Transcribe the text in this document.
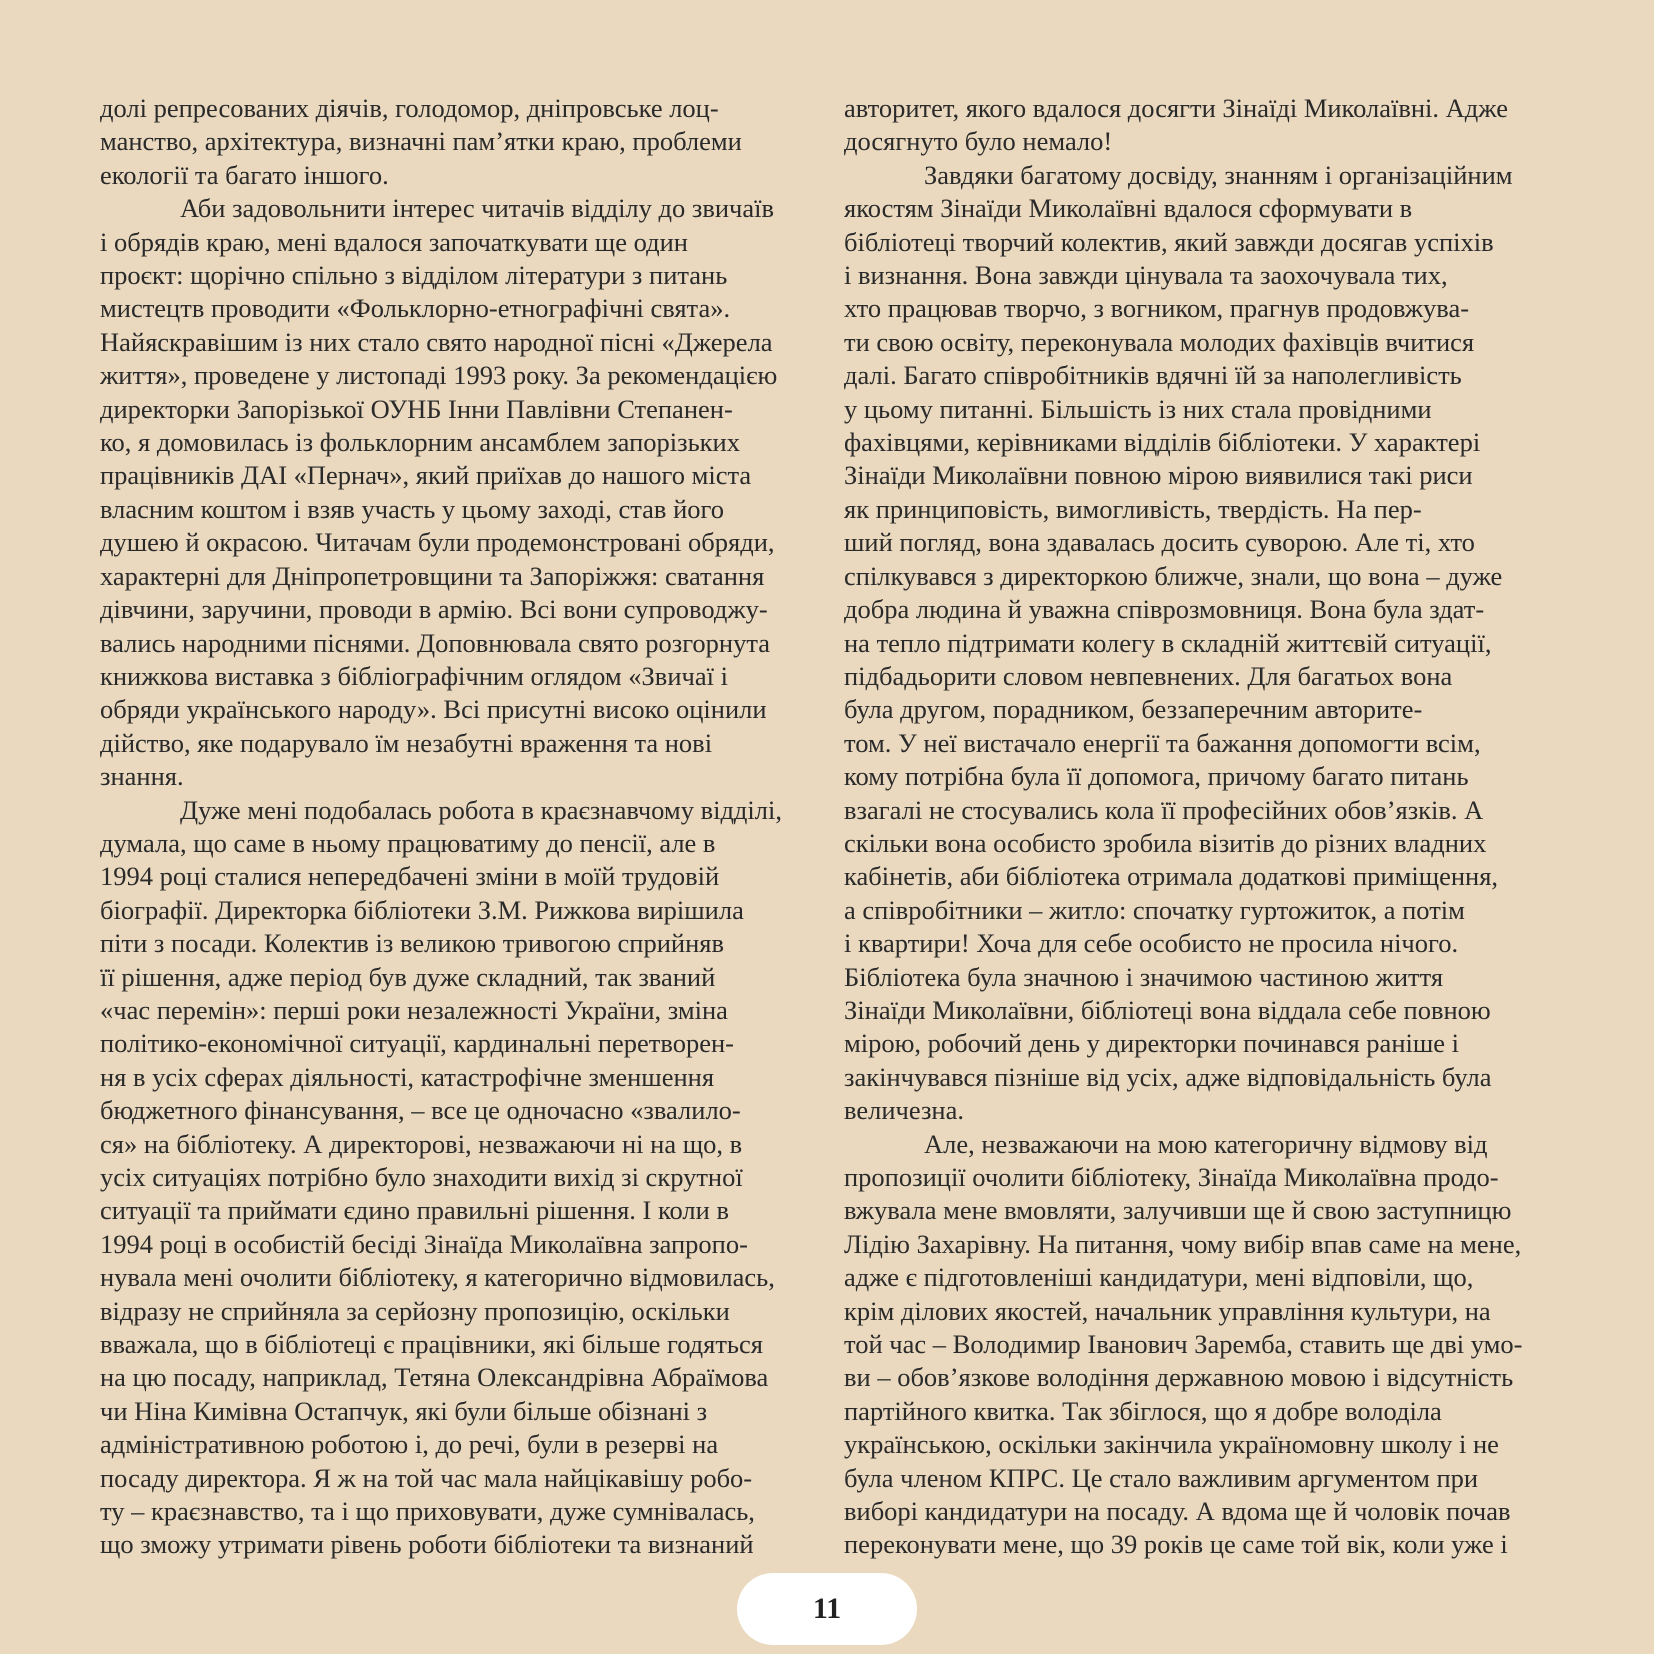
долі репресованих діячів, голодомор, дніпровське лоц-
манство, архітектура, визначні пам’ятки краю, проблеми
екології та багато іншого.
Аби задовольнити інтерес читачів відділу до звичаїв
і обрядів краю, мені вдалося започаткувати ще один
проєкт: щорічно спільно з відділом літератури з питань
мистецтв проводити «Фольклорно-етнографічні свята».
Найяскравішим із них стало свято народної пісні «Джерела
життя», проведене у листопаді 1993 року. За рекомендацією
директорки Запорізької ОУНБ Інни Павлівни Степанен-
ко, я домовилась із фольклорним ансамблем запорізьких
працівників ДАІ «Пернач», який приїхав до нашого міста
власним коштом і взяв участь у цьому заході, став його
душею й окрасою. Читачам були продемонстровані обряди,
характерні для Дніпропетровщини та Запоріжжя: сватання
дівчини, заручини, проводи в армію. Всі вони супроводжу-
вались народними піснями. Доповнювала свято розгорнута
книжкова виставка з бібліографічним оглядом «Звичаї і
обряди українського народу». Всі присутні високо оцінили
дійство, яке подарувало їм незабутні враження та нові
знання.
Дуже мені подобалась робота в краєзнавчому відділі,
думала, що саме в ньому працюватиму до пенсії, але в
1994 році сталися непередбачені зміни в моїй трудовій
біографії. Директорка бібліотеки З.М. Рижкова вирішила
піти з посади. Колектив із великою тривогою сприйняв
її рішення, адже період був дуже складний, так званий
«час перемін»: перші роки незалежності України, зміна
політико-економічної ситуації, кардинальні перетворен-
ня в усіх сферах діяльності, катастрофічне зменшення
бюджетного фінансування, – все це одночасно «звалило-
ся» на бібліотеку. А директорові, незважаючи ні на що, в
усіх ситуаціях потрібно було знаходити вихід зі скрутної
ситуації та приймати єдино правильні рішення. І коли в
1994 році в особистій бесіді Зінаїда Миколаївна запропо-
нувала мені очолити бібліотеку, я категорично відмовилась,
відразу не сприйняла за серйозну пропозицію, оскільки
вважала, що в бібліотеці є працівники, які більше годяться
на цю посаду, наприклад, Тетяна Олександрівна Абраїмова
чи Ніна Кимівна Остапчук, які були більше обізнані з
адміністративною роботою і, до речі, були в резерві на
посаду директора. Я ж на той час мала найцікавішу робо-
ту – краєзнавство, та і що приховувати, дуже сумнівалась,
що зможу утримати рівень роботи бібліотеки та визнаний
авторитет, якого вдалося досягти Зінаїді Миколаївні. Адже
досягнуто було немало!
Завдяки багатому досвіду, знанням і організаційним
якостям Зінаїди Миколаївні вдалося сформувати в
бібліотеці творчий колектив, який завжди досягав успіхів
і визнання. Вона завжди цінувала та заохочувала тих,
хто працював творчо, з вогником, прагнув продовжува-
ти свою освіту, переконувала молодих фахівців вчитися
далі. Багато співробітників вдячні їй за наполегливість
у цьому питанні. Більшість із них стала провідними
фахівцями, керівниками відділів бібліотеки. У характері
Зінаїди Миколаївни повною мірою виявилися такі риси
як принциповість, вимогливість, твердість. На пер-
ший погляд, вона здавалась досить суворою. Але ті, хто
спілкувався з директоркою ближче, знали, що вона – дуже
добра людина й уважна співрозмовниця. Вона була здат-
на тепло підтримати колегу в складній життєвій ситуації,
підбадьорити словом невпевнених. Для багатьох вона
була другом, порадником, беззаперечним авторите-
том. У неї вистачало енергії та бажання допомогти всім,
кому потрібна була її допомога, причому багато питань
взагалі не стосувались кола її професійних обов’язків. А
скільки вона особисто зробила візитів до різних владних
кабінетів, аби бібліотека отримала додаткові приміщення,
а співробітники – житло: спочатку гуртожиток, а потім
і квартири! Хоча для себе особисто не просила нічого.
Бібліотека була значною і значимою частиною життя
Зінаїди Миколаївни, бібліотеці вона віддала себе повною
мірою, робочий день у директорки починався раніше і
закінчувався пізніше від усіх, адже відповідальність була
величезна.
Але, незважаючи на мою категоричну відмову від
пропозиції очолити бібліотеку, Зінаїда Миколаївна продо-
вжувала мене вмовляти, залучивши ще й свою заступницю
Лідію Захарівну. На питання, чому вибір впав саме на мене,
адже є підготовленіші кандидатури, мені відповіли, що,
крім ділових якостей, начальник управління культури, на
той час – Володимир Іванович Заремба, ставить ще дві умо-
ви – обов’язкове володіння державною мовою і відсутність
партійного квитка. Так збіглося, що я добре володіла
українською, оскільки закінчила україномовну школу і не
була членом КПРС. Це стало важливим аргументом при
виборі кандидатури на посаду. А вдома ще й чоловік почав
переконувати мене, що 39 років це саме той вік, коли уже і
11
